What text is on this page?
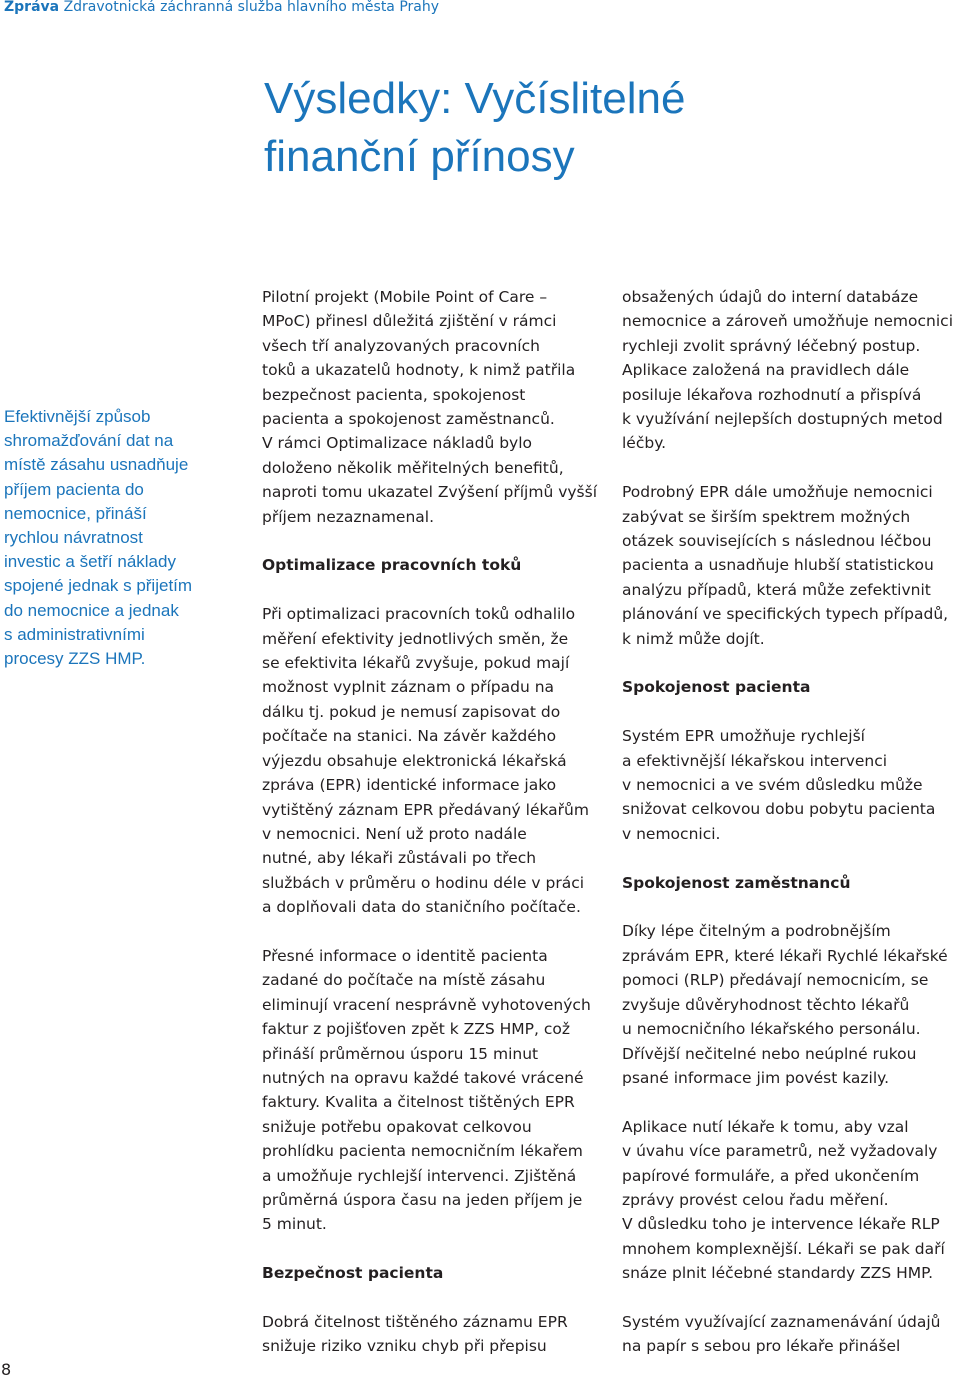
Zpráva Zdravotnická záchranná služba hlavního města Prahy
Výsledky: Vyčíslitelné
finanční přínosy

Efektivnější způsob
shromažďování dat na
místě zásahu usnadňuje
příjem pacienta do
nemocnice, přináší
rychlou návratnost
investic a šetří náklady
spojené jednak s přijetím
do nemocnice a jednak
s administrativními
procesy ZZS HMP.

Pilotní projekt (Mobile Point of Care –
MPoC) přinesl důležitá zjištění v rámci
všech tří analyzovaných pracovních
toků a ukazatelů hodnoty, k nimž patřila
bezpečnost pacienta, spokojenost
pacienta a spokojenost zaměstnanců.
V rámci Optimalizace nákladů bylo
doloženo několik měřitelných benefitů,
naproti tomu ukazatel Zvýšení příjmů vyšší
příjem nezaznamenal.

Optimalizace pracovních toků

Při optimalizaci pracovních toků odhalilo
měření efektivity jednotlivých směn, že
se efektivita lékařů zvyšuje, pokud mají
možnost vyplnit záznam o případu na
dálku tj. pokud je nemusí zapisovat do
počítače na stanici. Na závěr každého
výjezdu obsahuje elektronická lékařská
zpráva (EPR) identické informace jako
vytištěný záznam EPR předávaný lékařům
v nemocnici. Není už proto nadále
nutné, aby lékaři zůstávali po třech
službách v průměru o hodinu déle v práci
a doplňovali data do staničního počítače.

Přesné informace o identitě pacienta
zadané do počítače na místě zásahu
eliminují vracení nesprávně vyhotovených
faktur z pojišťoven zpět k ZZS HMP, což
přináší průměrnou úsporu 15 minut
nutných na opravu každé takové vrácené
faktury. Kvalita a čitelnost tištěných EPR
snižuje potřebu opakovat celkovou
prohlídku pacienta nemocničním lékařem
a umožňuje rychlejší intervenci. Zjištěná
průměrná úspora času na jeden příjem je
5 minut.

Bezpečnost pacienta

Dobrá čitelnost tištěného záznamu EPR
snižuje riziko vzniku chyb při přepisu

obsažených údajů do interní databáze
nemocnice a zároveň umožňuje nemocnici
rychleji zvolit správný léčebný postup.
Aplikace založená na pravidlech dále
posiluje lékařova rozhodnutí a přispívá
k využívání nejlepších dostupných metod
léčby.

Podrobný EPR dále umožňuje nemocnici
zabývat se širším spektrem možných
otázek souvisejících s následnou léčbou
pacienta a usnadňuje hlubší statistickou
analýzu případů, která může zefektivnit
plánování ve specifických typech případů,
k nimž může dojít.

Spokojenost pacienta

Systém EPR umožňuje rychlejší
a efektivnější lékařskou intervenci
v nemocnici a ve svém důsledku může
snižovat celkovou dobu pobytu pacienta
v nemocnici.

Spokojenost zaměstnanců

Díky lépe čitelným a podrobnějším
zprávám EPR, které lékaři Rychlé lékařské
pomoci (RLP) předávají nemocnicím, se
zvyšuje důvěryhodnost těchto lékařů
u nemocničního lékařského personálu.
Dřívější nečitelné nebo neúplné rukou
psané informace jim povést kazily.

Aplikace nutí lékaře k tomu, aby vzal
v úvahu více parametrů, než vyžadovaly
papírové formuláře, a před ukončením
zprávy provést celou řadu měření.
V důsledku toho je intervence lékaře RLP
mnohem komplexnější. Lékaři se pak daří
snáze plnit léčebné standardy ZZS HMP.

Systém využívající zaznamenávání údajů
na papír s sebou pro lékaře přinášel

8
